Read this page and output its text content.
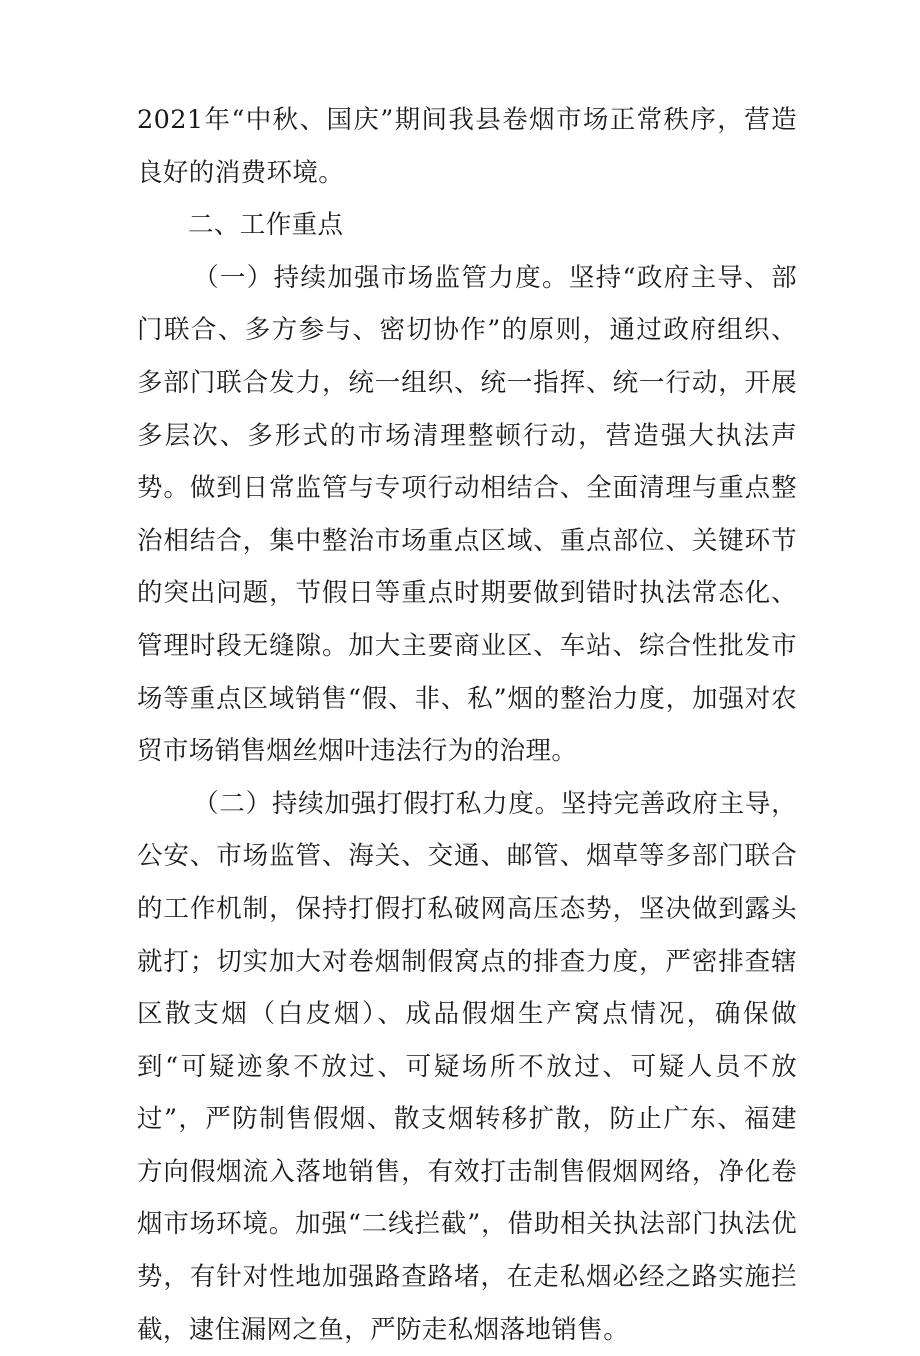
2021年“中秋、国庆”期间我县卷烟市场正常秩序，营造良好的消费环境。

二、工作重点

（一）持续加强市场监管力度。坚持“政府主导、部门联合、多方参与、密切协作”的原则，通过政府组织、多部门联合发力，统一组织、统一指挥、统一行动，开展多层次、多形式的市场清理整顿行动，营造强大执法声势。做到日常监管与专项行动相结合、全面清理与重点整治相结合，集中整治市场重点区域、重点部位、关键环节的突出问题，节假日等重点时期要做到错时执法常态化、管理时段无缝隙。加大主要商业区、车站、综合性批发市场等重点区域销售“假、非、私”烟的整治力度，加强对农贸市场销售烟丝烟叶违法行为的治理。

（二）持续加强打假打私力度。坚持完善政府主导，公安、市场监管、海关、交通、邮管、烟草等多部门联合的工作机制，保持打假打私破网高压态势，坚决做到露头就打；切实加大对卷烟制假窝点的排查力度，严密排查辖区散支烟（白皮烟）、成品假烟生产窝点情况，确保做到“可疑迹象不放过、可疑场所不放过、可疑人员不放过”，严防制售假烟、散支烟转移扩散，防止广东、福建方向假烟流入落地销售，有效打击制售假烟网络，净化卷烟市场环境。加强“二线拦截”，借助相关执法部门执法优势，有针对性地加强路查路堵，在走私烟必经之路实施拦截，逮住漏网之鱼，严防走私烟落地销售。
